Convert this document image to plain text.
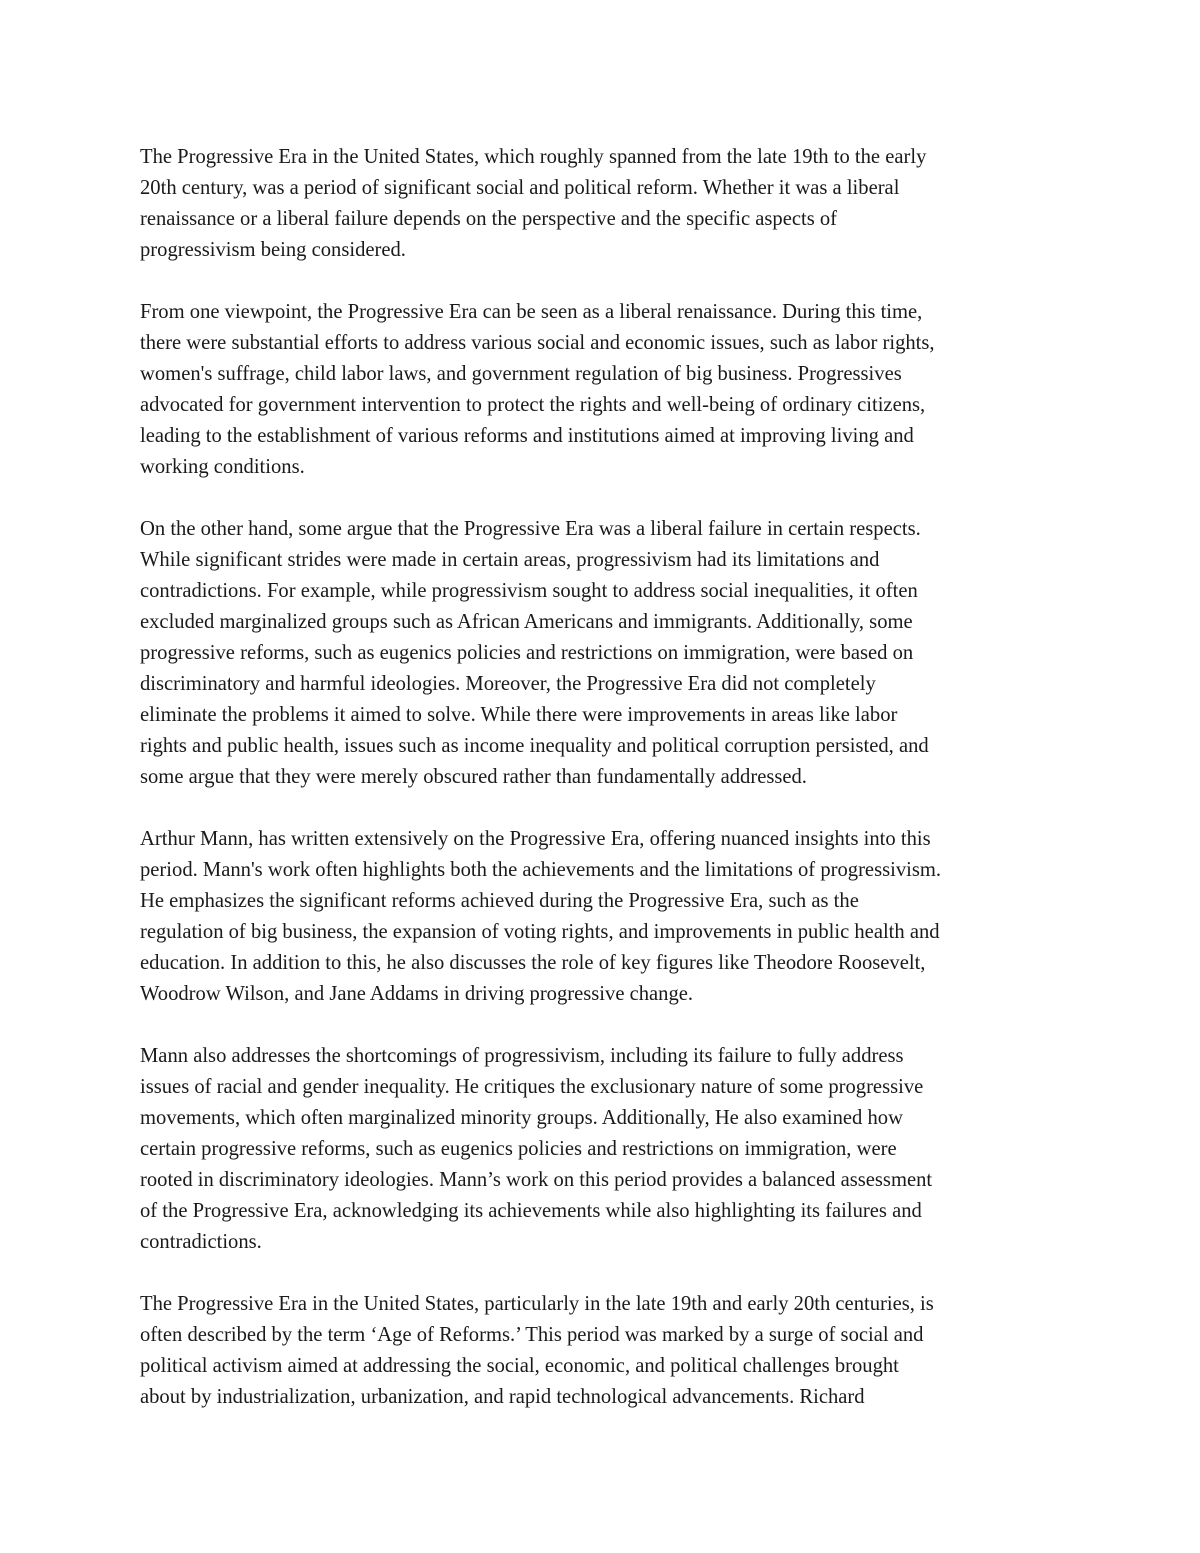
The Progressive Era in the United States, which roughly spanned from the late 19th to the early
20th century, was a period of significant social and political reform. Whether it was a liberal
renaissance or a liberal failure depends on the perspective and the specific aspects of
progressivism being considered.

From one viewpoint, the Progressive Era can be seen as a liberal renaissance. During this time,
there were substantial efforts to address various social and economic issues, such as labor rights,
women's suffrage, child labor laws, and government regulation of big business. Progressives
advocated for government intervention to protect the rights and well-being of ordinary citizens,
leading to the establishment of various reforms and institutions aimed at improving living and
working conditions.

On the other hand, some argue that the Progressive Era was a liberal failure in certain respects.
While significant strides were made in certain areas, progressivism had its limitations and
contradictions. For example, while progressivism sought to address social inequalities, it often
excluded marginalized groups such as African Americans and immigrants. Additionally, some
progressive reforms, such as eugenics policies and restrictions on immigration, were based on
discriminatory and harmful ideologies. Moreover, the Progressive Era did not completely
eliminate the problems it aimed to solve. While there were improvements in areas like labor
rights and public health, issues such as income inequality and political corruption persisted, and
some argue that they were merely obscured rather than fundamentally addressed.

Arthur Mann, has written extensively on the Progressive Era, offering nuanced insights into this
period. Mann's work often highlights both the achievements and the limitations of progressivism.
He emphasizes the significant reforms achieved during the Progressive Era, such as the
regulation of big business, the expansion of voting rights, and improvements in public health and
education. In addition to this, he also discusses the role of key figures like Theodore Roosevelt,
Woodrow Wilson, and Jane Addams in driving progressive change.

Mann also addresses the shortcomings of progressivism, including its failure to fully address
issues of racial and gender inequality. He critiques the exclusionary nature of some progressive
movements, which often marginalized minority groups. Additionally, He also examined how
certain progressive reforms, such as eugenics policies and restrictions on immigration, were
rooted in discriminatory ideologies. Mann’s work on this period provides a balanced assessment
of the Progressive Era, acknowledging its achievements while also highlighting its failures and
contradictions.

The Progressive Era in the United States, particularly in the late 19th and early 20th centuries, is
often described by the term ‘Age of Reforms.’ This period was marked by a surge of social and
political activism aimed at addressing the social, economic, and political challenges brought
about by industrialization, urbanization, and rapid technological advancements. Richard
